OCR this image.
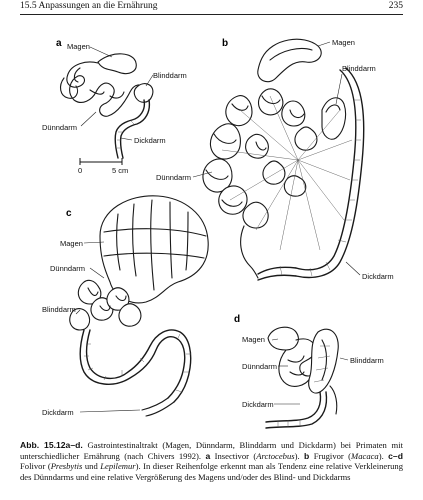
15.5 Anpassungen an die Ernährung	235
a Magen
Blinddarm
Dünndarm
Dickdarm
0	5 cm
b	Magen
Blinddarm
Dünndarm
Dickdarm
c
Magen
Dünndarm
Blinddarm
Dickdarm
d
Magen
Dünndarm
Blinddarm
Dickdarm
Abb. 15.12a–d. Gastrointestinaltrakt (Magen, Dünndarm, Blinddarm und Dickdarm) bei Primaten mit unterschiedlicher Ernährung (nach Chivers 1992). a Insectivor (Arctocebus). b Frugivor (Macaca). c–d Folivor (Presbytis und Lepilemur). In dieser Reihenfolge erkennt man als Tendenz eine relative Verkleinerung des Dünndarms und eine relative Vergrößerung des Magens und/oder des Blind- und Dickdarms
